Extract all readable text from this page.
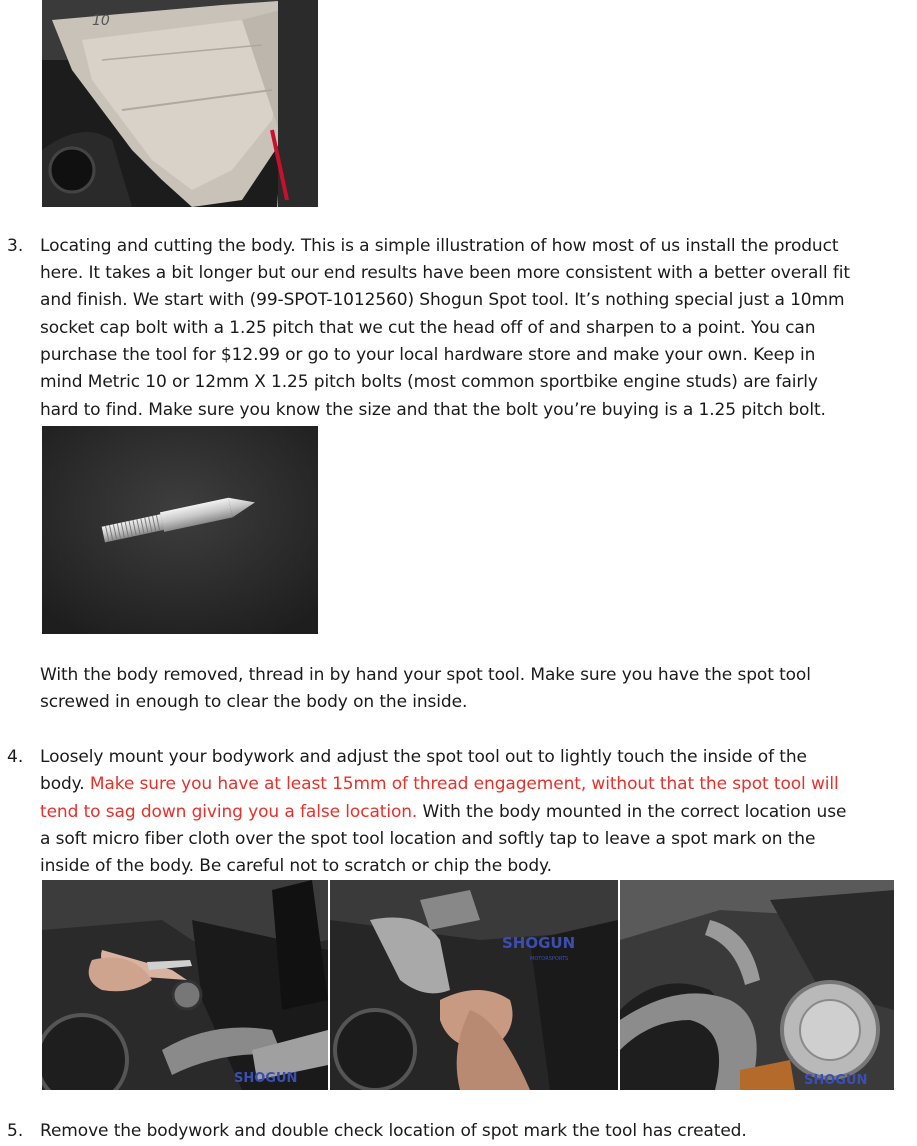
10
3. Locating and cutting the body. This is a simple illustration of how most of us install the product
here. It takes a bit longer but our end results have been more consistent with a better overall fit
and finish. We start with (99-SPOT-1012560) Shogun Spot tool. It’s nothing special just a 10mm
socket cap bolt with a 1.25 pitch that we cut the head off of and sharpen to a point. You can
purchase the tool for $12.99 or go to your local hardware store and make your own. Keep in
mind Metric 10 or 12mm X 1.25 pitch bolts (most common sportbike engine studs) are fairly
hard to find. Make sure you know the size and that the bolt you’re buying is a 1.25 pitch bolt.
With the body removed, thread in by hand your spot tool. Make sure you have the spot tool
screwed in enough to clear the body on the inside.
4. Loosely mount your bodywork and adjust the spot tool out to lightly touch the inside of the
body. Make sure you have at least 15mm of thread engagement, without that the spot tool will
tend to sag down giving you a false location. With the body mounted in the correct location use
a soft micro fiber cloth over the spot tool location and softly tap to leave a spot mark on the
inside of the body. Be careful not to scratch or chip the body.
SHOGUN
SHOGUN
MOTORSPORTS
SHOGUN
5. Remove the bodywork and double check location of spot mark the tool has created.
